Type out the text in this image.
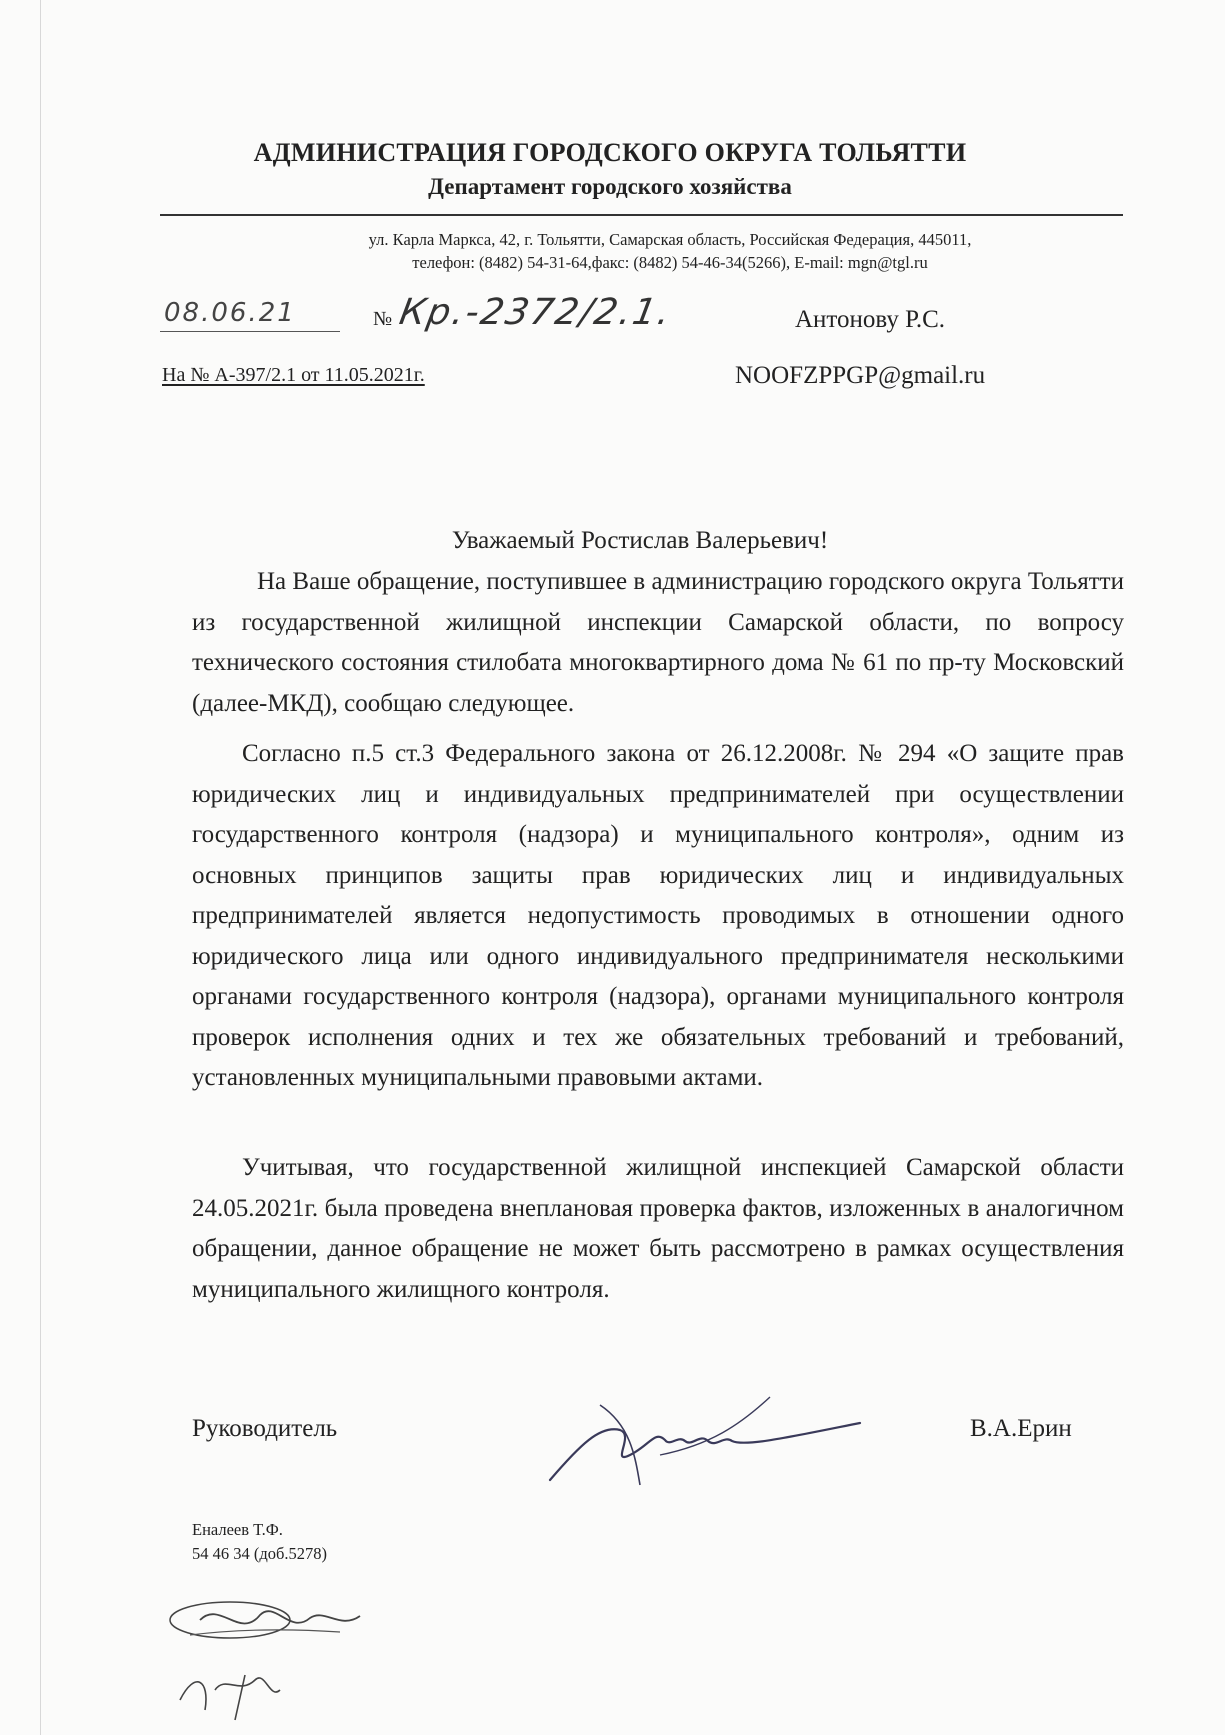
АДМИНИСТРАЦИЯ ГОРОДСКОГО ОКРУГА ТОЛЬЯТТИ
Департамент городского хозяйства
ул. Карла Маркса, 42, г. Тольятти, Самарская область, Российская Федерация, 445011,
телефон: (8482) 54-31-64,факс: (8482) 54-46-34(5266), E-mail: mgn@tgl.ru
08.06.21	№ Кр.-2372/2.1.
На № А-397/2.1 от 11.05.2021г.
Антонову Р.С.
NOOFZPPGP@gmail.ru
Уважаемый Ростислав Валерьевич!

На Ваше обращение, поступившее в администрацию городского округа Тольятти из государственной жилищной инспекции Самарской области, по вопросу технического состояния стилобата многоквартирного дома № 61 по пр-ту Московский (далее-МКД), сообщаю следующее.

Согласно п.5 ст.3 Федерального закона от 26.12.2008г. № 294 «О защите прав юридических лиц и индивидуальных предпринимателей при осуществлении государственного контроля (надзора) и муниципального контроля», одним из основных принципов защиты прав юридических лиц и индивидуальных предпринимателей является недопустимость проводимых в отношении одного юридического лица или одного индивидуального предпринимателя несколькими органами государственного контроля (надзора), органами муниципального контроля проверок исполнения одних и тех же обязательных требований и требований, установленных муниципальными правовыми актами.

Учитывая, что государственной жилищной инспекцией Самарской области 24.05.2021г. была проведена внеплановая проверка фактов, изложенных в аналогичном обращении, данное обращение не может быть рассмотрено в рамках осуществления муниципального жилищного контроля.

Руководитель	В.А.Ерин
Еналеев Т.Ф.
54 46 34 (доб.5278)
